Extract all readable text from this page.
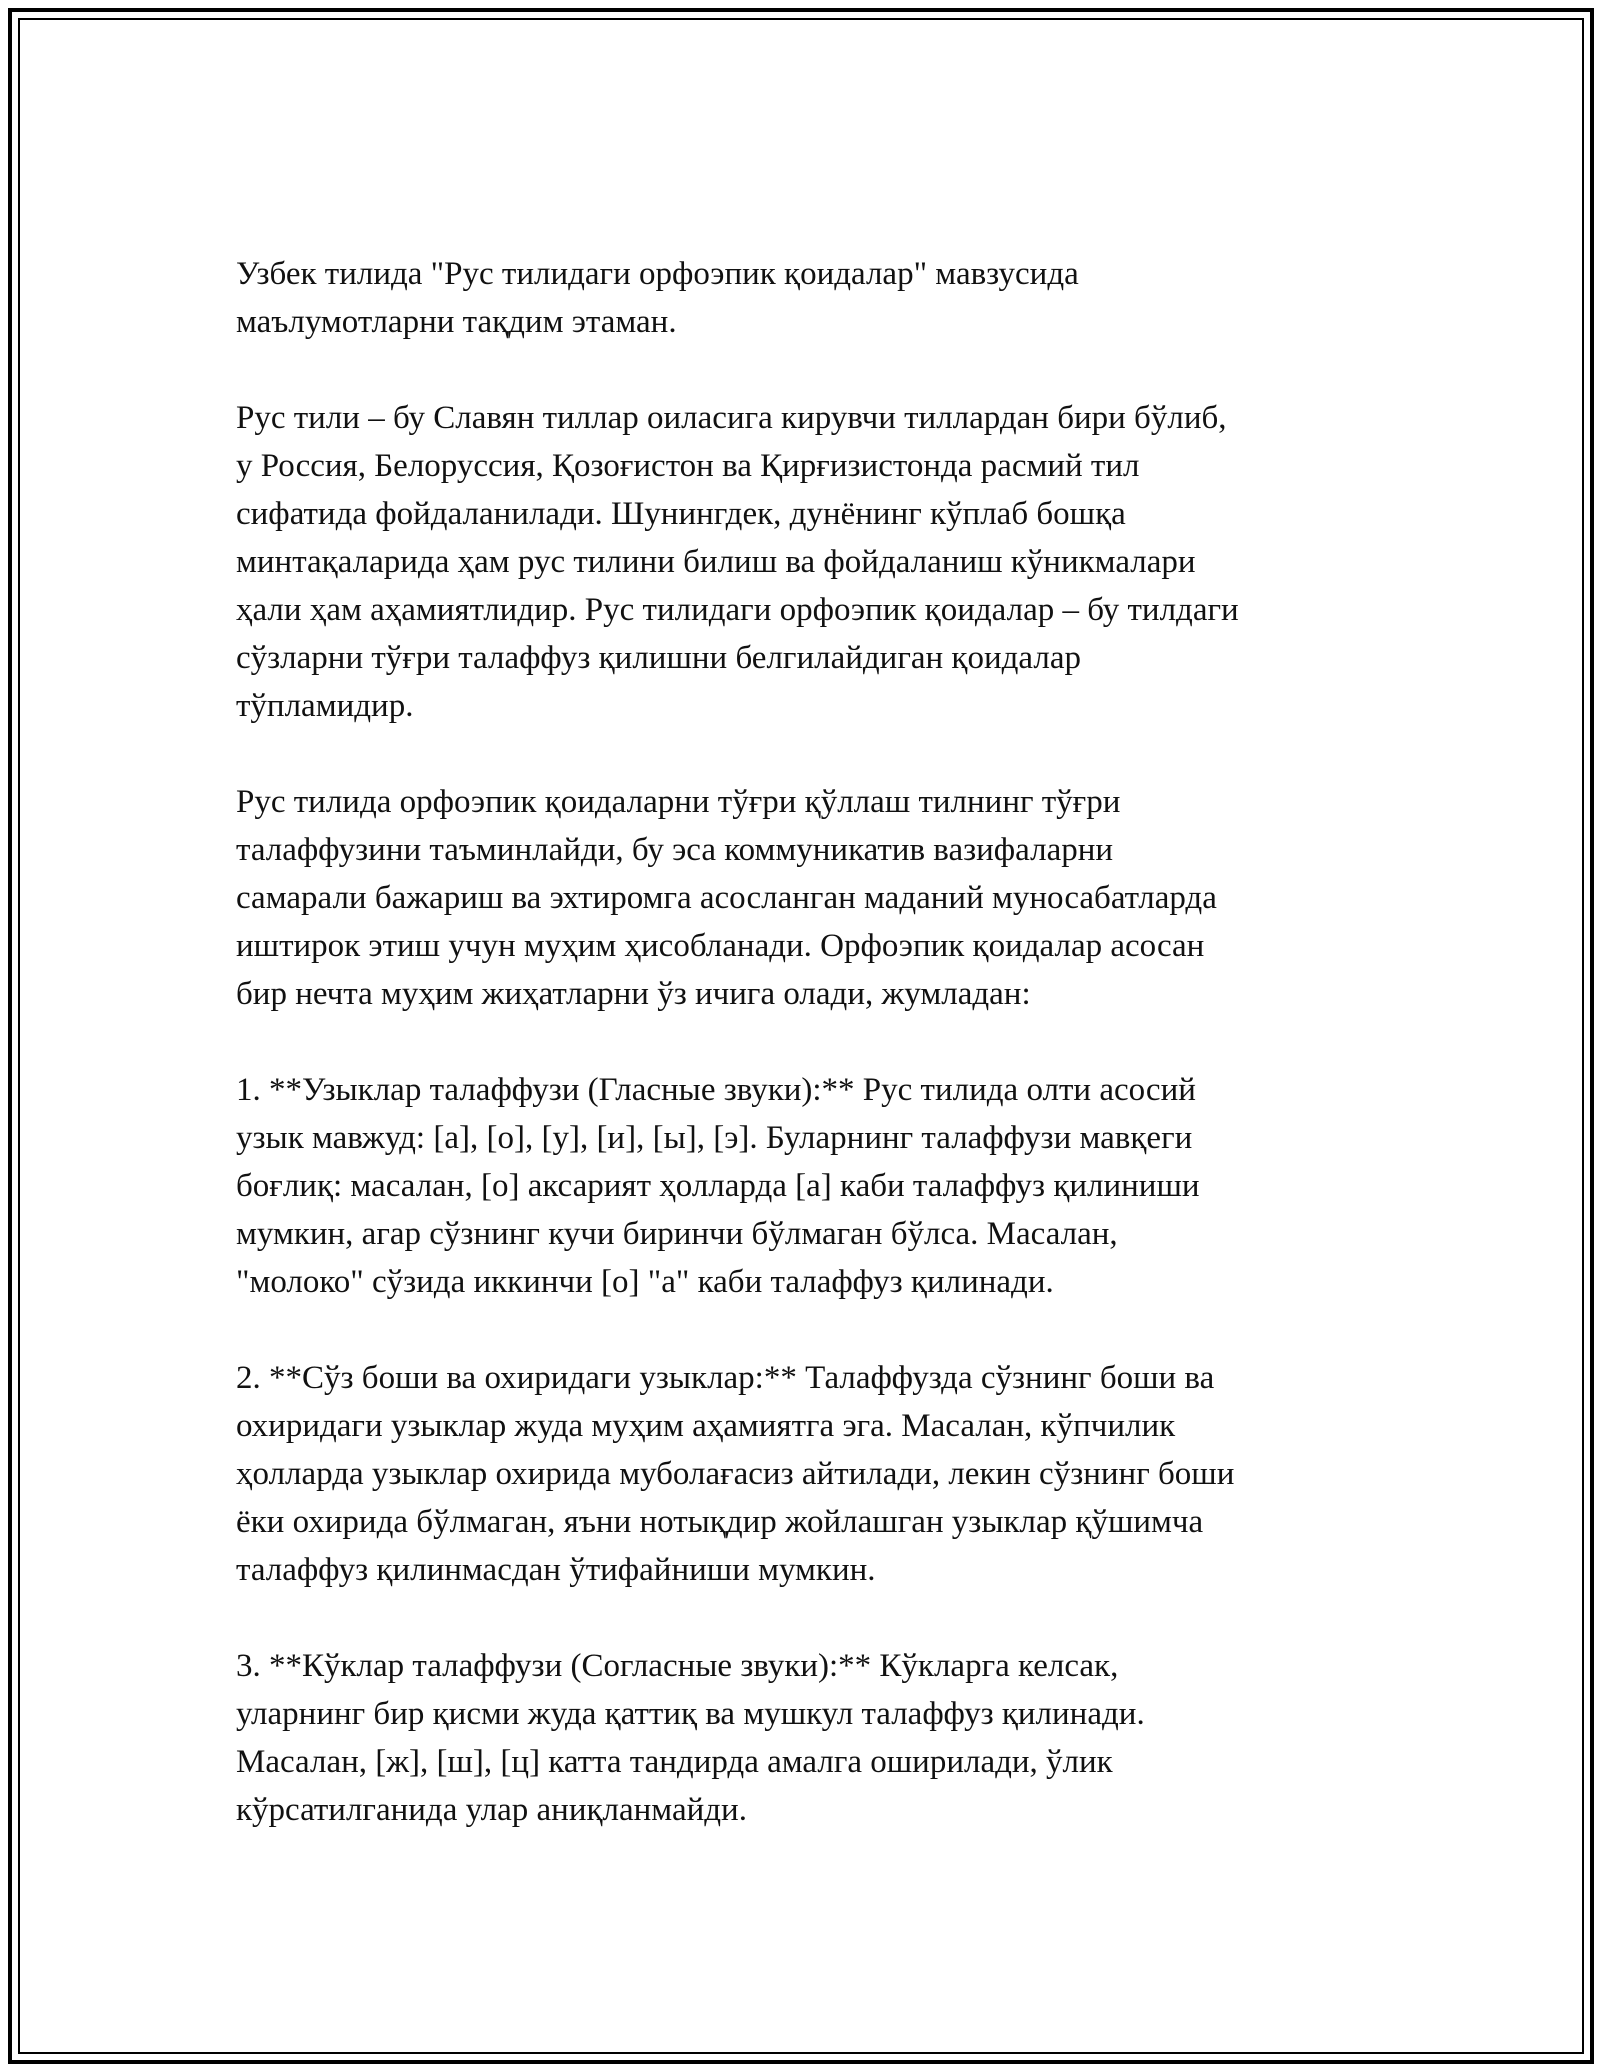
Узбек тилида "Рус тилидаги орфоэпик қоидалар" мавзусида
маълумотларни тақдим этаман.

Рус тили – бу Славян тиллар оиласига кирувчи тиллардан бири бўлиб,
у Россия, Белоруссия, Қозоғистон ва Қирғизистонда расмий тил
сифатида фойдаланилади. Шунингдек, дунёнинг кўплаб бошқа
минтақаларида ҳам рус тилини билиш ва фойдаланиш кўникмалари
ҳали ҳам аҳамиятлидир. Рус тилидаги орфоэпик қоидалар – бу тилдаги
сўзларни тўғри талаффуз қилишни белгилайдиган қоидалар
тўпламидир.

Рус тилида орфоэпик қоидаларни тўғри қўллаш тилнинг тўғри
талаффузини таъминлайди, бу эса коммуникатив вазифаларни
самарали бажариш ва эхтиромга асосланган маданий муносабатларда
иштирок этиш учун муҳим ҳисобланади. Орфоэпик қоидалар асосан
бир нечта муҳим жиҳатларни ўз ичига олади, жумладан:

1. **Узыклар талаффузи (Гласные звуки):** Рус тилида олти асосий
узык мавжуд: [а], [о], [у], [и], [ы], [э]. Буларнинг талаффузи мавқеги
боғлиқ: масалан, [о] аксарият ҳолларда [а] каби талаффуз қилиниши
мумкин, агар сўзнинг кучи биринчи бўлмаган бўлса. Масалан,
"молоко" сўзида иккинчи [о] "а" каби талаффуз қилинади.

2. **Сўз боши ва охиридаги узыклар:** Талаффузда сўзнинг боши ва
охиридаги узыклар жуда муҳим аҳамиятга эга. Масалан, кўпчилик
ҳолларда узыклар охирида муболағасиз айтилади, лекин сўзнинг боши
ёки охирида бўлмаган, яъни нотықдир жойлашган узыклар қўшимча
талаффуз қилинмасдан ўтифайниши мумкин.

3. **Кўклар талаффузи (Согласные звуки):** Кўкларга келсак,
уларнинг бир қисми жуда қаттиқ ва мушкул талаффуз қилинади.
Масалан, [ж], [ш], [ц] катта тандирда амалга оширилади, ўлик
кўрсатилганида улар аниқланмайди.
